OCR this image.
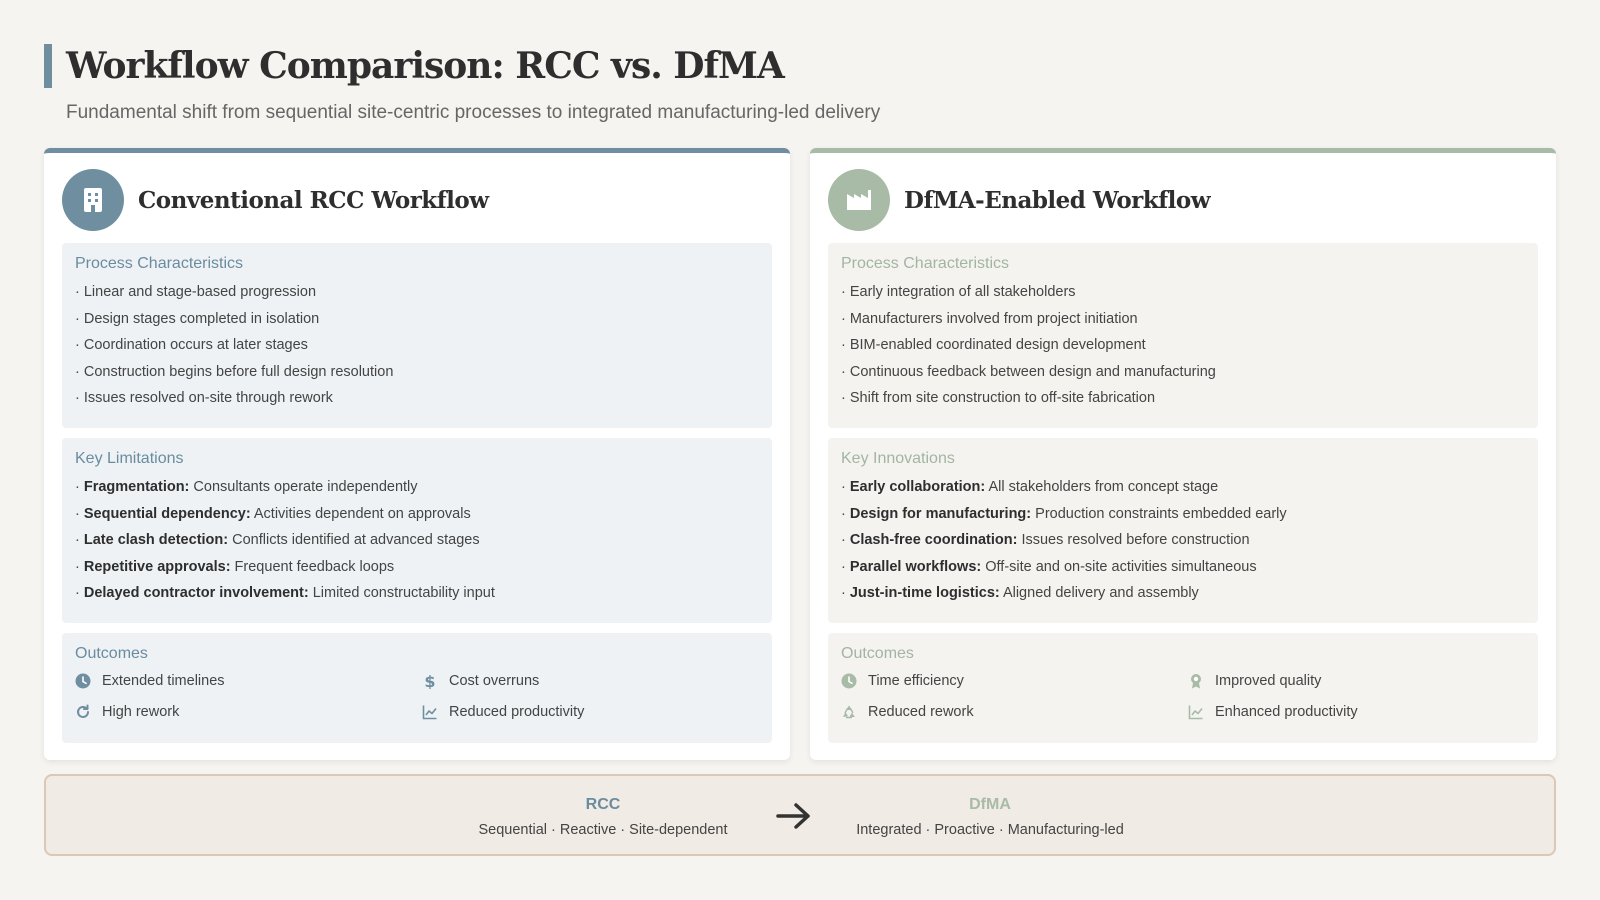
Workflow Comparison: RCC vs. DfMA

Fundamental shift from sequential site-centric processes to integrated manufacturing-led delivery

Conventional RCC Workflow
Process Characteristics
· Linear and stage-based progression
· Design stages completed in isolation
· Coordination occurs at later stages
· Construction begins before full design resolution
· Issues resolved on-site through rework
Key Limitations
· Fragmentation: Consultants operate independently
· Sequential dependency: Activities dependent on approvals
· Late clash detection: Conflicts identified at advanced stages
· Repetitive approvals: Frequent feedback loops
· Delayed contractor involvement: Limited constructability input
Outcomes
Extended timelines	$ Cost overruns
High rework	Reduced productivity
DfMA-Enabled Workflow
Process Characteristics
· Early integration of all stakeholders
· Manufacturers involved from project initiation
· BIM-enabled coordinated design development
· Continuous feedback between design and manufacturing
· Shift from site construction to off-site fabrication
Key Innovations
· Early collaboration: All stakeholders from concept stage
· Design for manufacturing: Production constraints embedded early
· Clash-free coordination: Issues resolved before construction
· Parallel workflows: Off-site and on-site activities simultaneous
· Just-in-time logistics: Aligned delivery and assembly
Outcomes
Time efficiency	Improved quality
Reduced rework	Enhanced productivity
RCC
Sequential · Reactive · Site-dependent
DfMA
Integrated · Proactive · Manufacturing-led
